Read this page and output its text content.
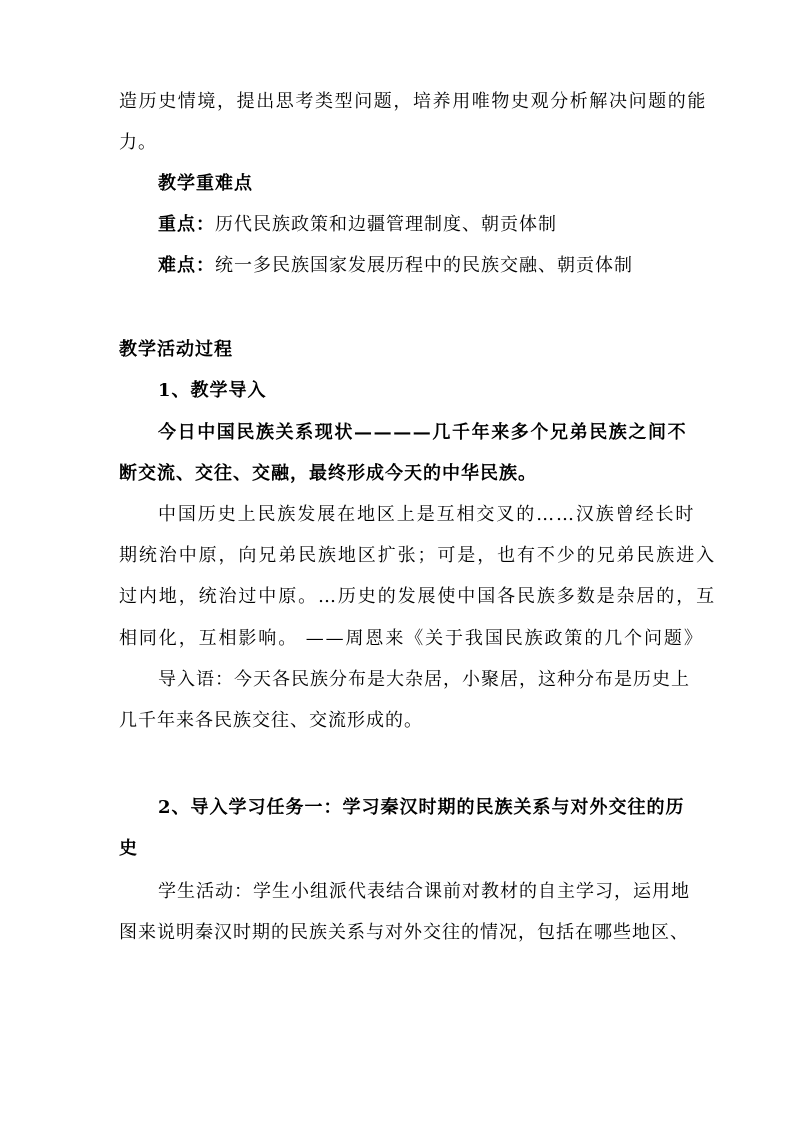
造历史情境，提出思考类型问题，培养用唯物史观分析解决问题的能
力。
教学重难点
重点：历代民族政策和边疆管理制度、朝贡体制
难点：统一多民族国家发展历程中的民族交融、朝贡体制
教学活动过程
1、教学导入
今日中国民族关系现状————几千年来多个兄弟民族之间不
断交流、交往、交融，最终形成今天的中华民族。
中国历史上民族发展在地区上是互相交叉的……汉族曾经长时
期统治中原，向兄弟民族地区扩张；可是，也有不少的兄弟民族进入
过内地，统治过中原。…历史的发展使中国各民族多数是杂居的，互
相同化，互相影响。 ——周恩来《关于我国民族政策的几个问题》
导入语：今天各民族分布是大杂居，小聚居，这种分布是历史上
几千年来各民族交往、交流形成的。
2、导入学习任务一：学习秦汉时期的民族关系与对外交往的历
史
学生活动：学生小组派代表结合课前对教材的自主学习，运用地
图来说明秦汉时期的民族关系与对外交往的情况，包括在哪些地区、
